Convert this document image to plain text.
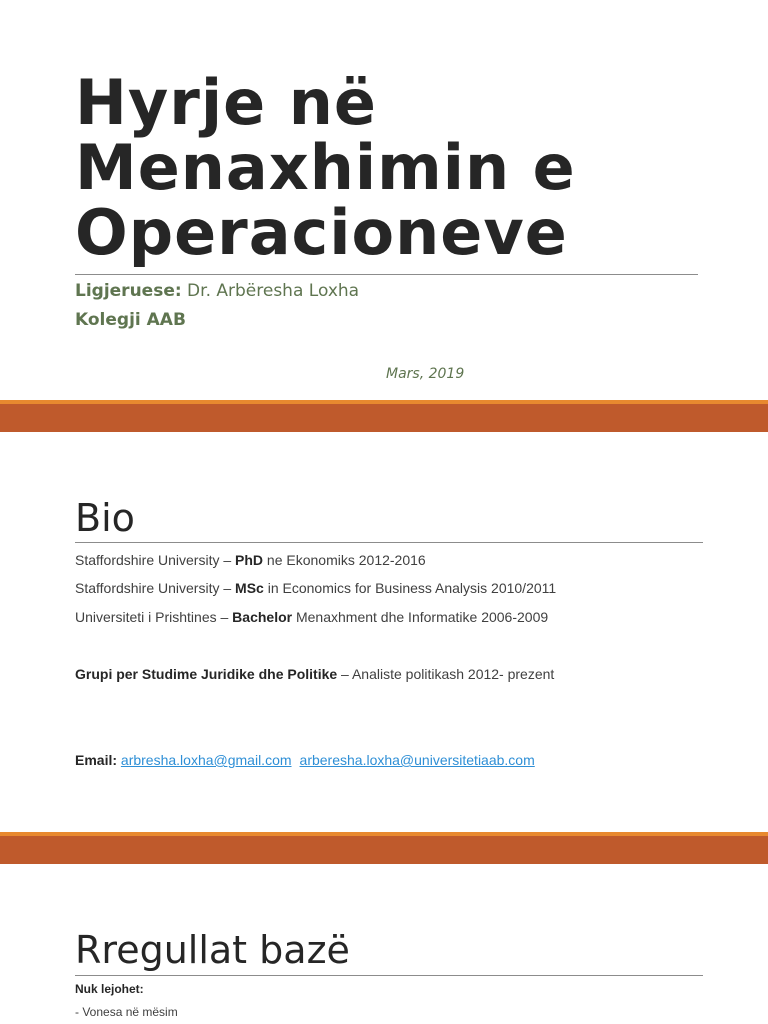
Hyrje në
Menaxhimin e
Operacioneve
Ligjeruese: Dr. Arbëresha Loxha
Kolegji AAB
Mars, 2019
Bio
Staffordshire University – PhD ne Ekonomiks 2012-2016
Staffordshire University – MSc in Economics for Business Analysis 2010/2011
Universiteti i Prishtines – Bachelor Menaxhment dhe Informatike 2006-2009
Grupi per Studime Juridike dhe Politike – Analiste politikash 2012- prezent
Email: arbresha.loxha@gmail.com arberesha.loxha@universitetiaab.com
Rregullat bazë
Nuk lejohet:
- Vonesa në mësim
